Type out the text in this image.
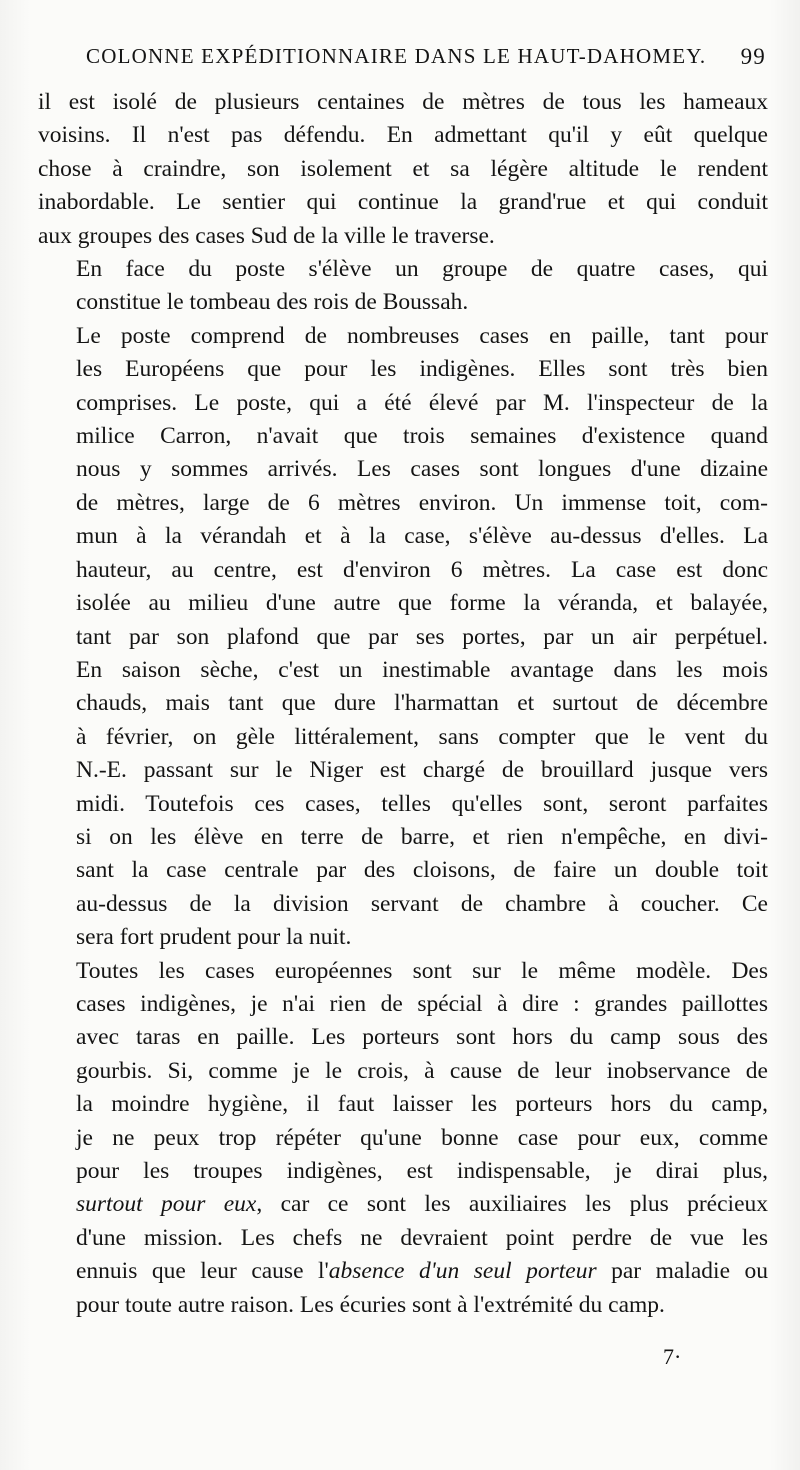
COLONNE EXPÉDITIONNAIRE DANS LE HAUT-DAHOMEY. 99
il est isolé de plusieurs centaines de mètres de tous les hameaux
voisins. Il n'est pas défendu. En admettant qu'il y eût quelque
chose à craindre, son isolement et sa légère altitude le rendent
inabordable. Le sentier qui continue la grand'rue et qui conduit
aux groupes des cases Sud de la ville le traverse.
En face du poste s'élève un groupe de quatre cases, qui
constitue le tombeau des rois de Boussah.
Le poste comprend de nombreuses cases en paille, tant pour
les Européens que pour les indigènes. Elles sont très bien
comprises. Le poste, qui a été élevé par M. l'inspecteur de la
milice Carron, n'avait que trois semaines d'existence quand
nous y sommes arrivés. Les cases sont longues d'une dizaine
de mètres, large de 6 mètres environ. Un immense toit, com-
mun à la vérandah et à la case, s'élève au-dessus d'elles. La
hauteur, au centre, est d'environ 6 mètres. La case est donc
isolée au milieu d'une autre que forme la véranda, et balayée,
tant par son plafond que par ses portes, par un air perpétuel.
En saison sèche, c'est un inestimable avantage dans les mois
chauds, mais tant que dure l'harmattan et surtout de décembre
à février, on gèle littéralement, sans compter que le vent du
N.-E. passant sur le Niger est chargé de brouillard jusque vers
midi. Toutefois ces cases, telles qu'elles sont, seront parfaites
si on les élève en terre de barre, et rien n'empêche, en divi-
sant la case centrale par des cloisons, de faire un double toit
au-dessus de la division servant de chambre à coucher. Ce
sera fort prudent pour la nuit.
Toutes les cases européennes sont sur le même modèle. Des
cases indigènes, je n'ai rien de spécial à dire : grandes paillottes
avec taras en paille. Les porteurs sont hors du camp sous des
gourbis. Si, comme je le crois, à cause de leur inobservance de
la moindre hygiène, il faut laisser les porteurs hors du camp,
je ne peux trop répéter qu'une bonne case pour eux, comme
pour les troupes indigènes, est indispensable, je dirai plus,
surtout pour eux, car ce sont les auxiliaires les plus précieux
d'une mission. Les chefs ne devraient point perdre de vue les
ennuis que leur cause l'absence d'un seul porteur par maladie ou
pour toute autre raison. Les écuries sont à l'extrémité du camp.
7·
